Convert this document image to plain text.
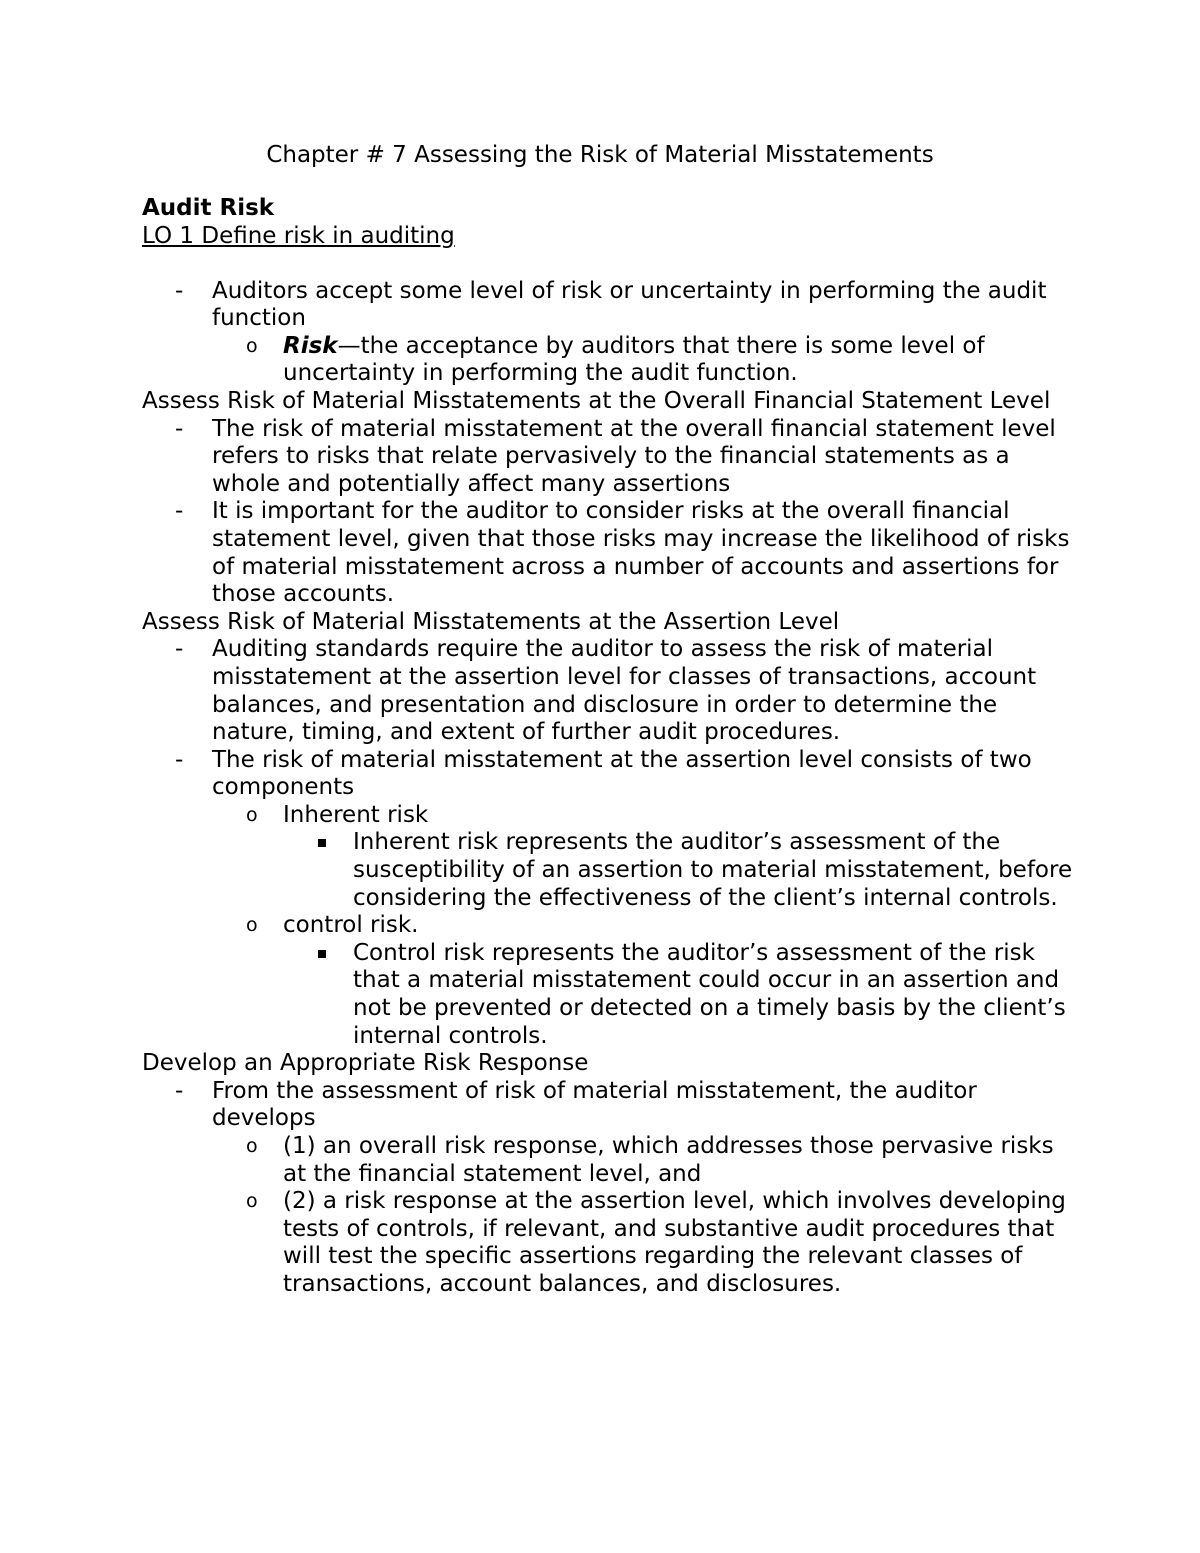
Chapter # 7 Assessing the Risk of Material Misstatements

Audit Risk

LO 1 Define risk in auditing

- Auditors accept some level of risk or uncertainty in performing the audit function
o Risk—the acceptance by auditors that there is some level of uncertainty in performing the audit function.

Assess Risk of Material Misstatements at the Overall Financial Statement Level

- The risk of material misstatement at the overall financial statement level refers to risks that relate pervasively to the financial statements as a whole and potentially affect many assertions
- It is important for the auditor to consider risks at the overall financial statement level, given that those risks may increase the likelihood of risks of material misstatement across a number of accounts and assertions for those accounts.

Assess Risk of Material Misstatements at the Assertion Level

- Auditing standards require the auditor to assess the risk of material misstatement at the assertion level for classes of transactions, account balances, and presentation and disclosure in order to determine the nature, timing, and extent of further audit procedures.
- The risk of material misstatement at the assertion level consists of two components
o Inherent risk
Inherent risk represents the auditor’s assessment of the susceptibility of an assertion to material misstatement, before considering the effectiveness of the client’s internal controls.
o control risk.
Control risk represents the auditor’s assessment of the risk that a material misstatement could occur in an assertion and not be prevented or detected on a timely basis by the client’s internal controls.

Develop an Appropriate Risk Response

- From the assessment of risk of material misstatement, the auditor develops
o (1) an overall risk response, which addresses those pervasive risks at the financial statement level, and
o (2) a risk response at the assertion level, which involves developing tests of controls, if relevant, and substantive audit procedures that will test the specific assertions regarding the relevant classes of transactions, account balances, and disclosures.
